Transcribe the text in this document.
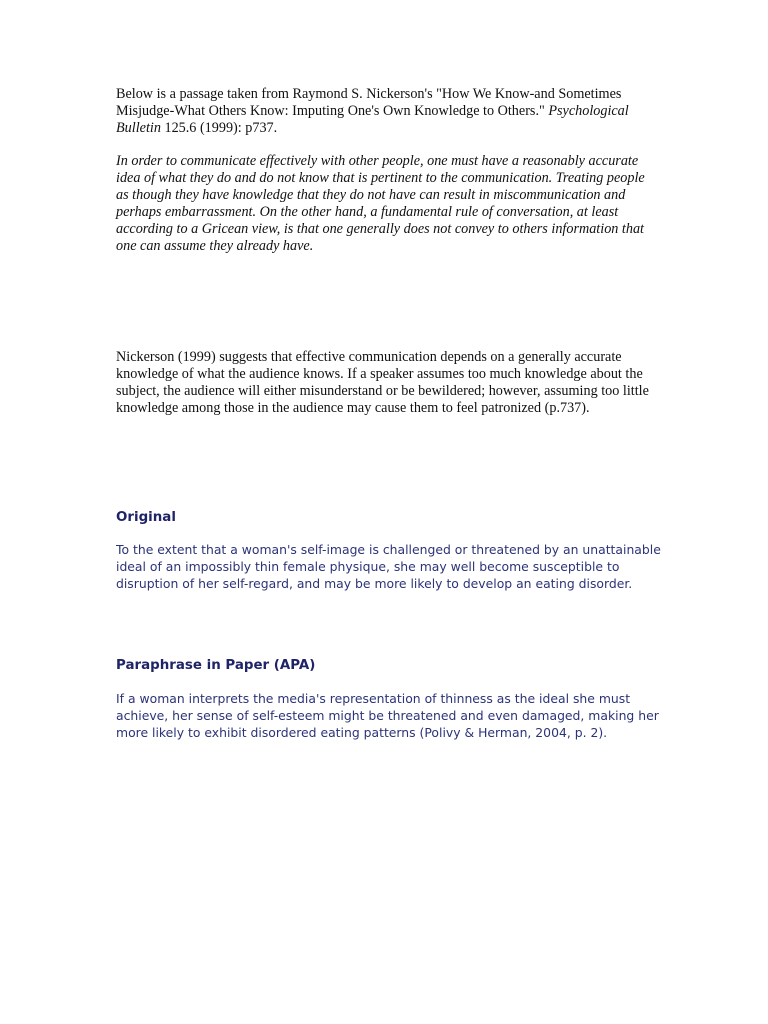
Below is a passage taken from Raymond S. Nickerson's "How We Know-and Sometimes Misjudge-What Others Know: Imputing One's Own Knowledge to Others." Psychological Bulletin 125.6 (1999): p737.

In order to communicate effectively with other people, one must have a reasonably accurate idea of what they do and do not know that is pertinent to the communication. Treating people as though they have knowledge that they do not have can result in miscommunication and perhaps embarrassment. On the other hand, a fundamental rule of conversation, at least according to a Gricean view, is that one generally does not convey to others information that one can assume they already have.

Nickerson (1999) suggests that effective communication depends on a generally accurate knowledge of what the audience knows. If a speaker assumes too much knowledge about the subject, the audience will either misunderstand or be bewildered; however, assuming too little knowledge among those in the audience may cause them to feel patronized (p.737).

Original

To the extent that a woman's self-image is challenged or threatened by an unattainable ideal of an impossibly thin female physique, she may well become susceptible to disruption of her self-regard, and may be more likely to develop an eating disorder.

Paraphrase in Paper (APA)

If a woman interprets the media's representation of thinness as the ideal she must achieve, her sense of self-esteem might be threatened and even damaged, making her more likely to exhibit disordered eating patterns (Polivy & Herman, 2004, p. 2).
